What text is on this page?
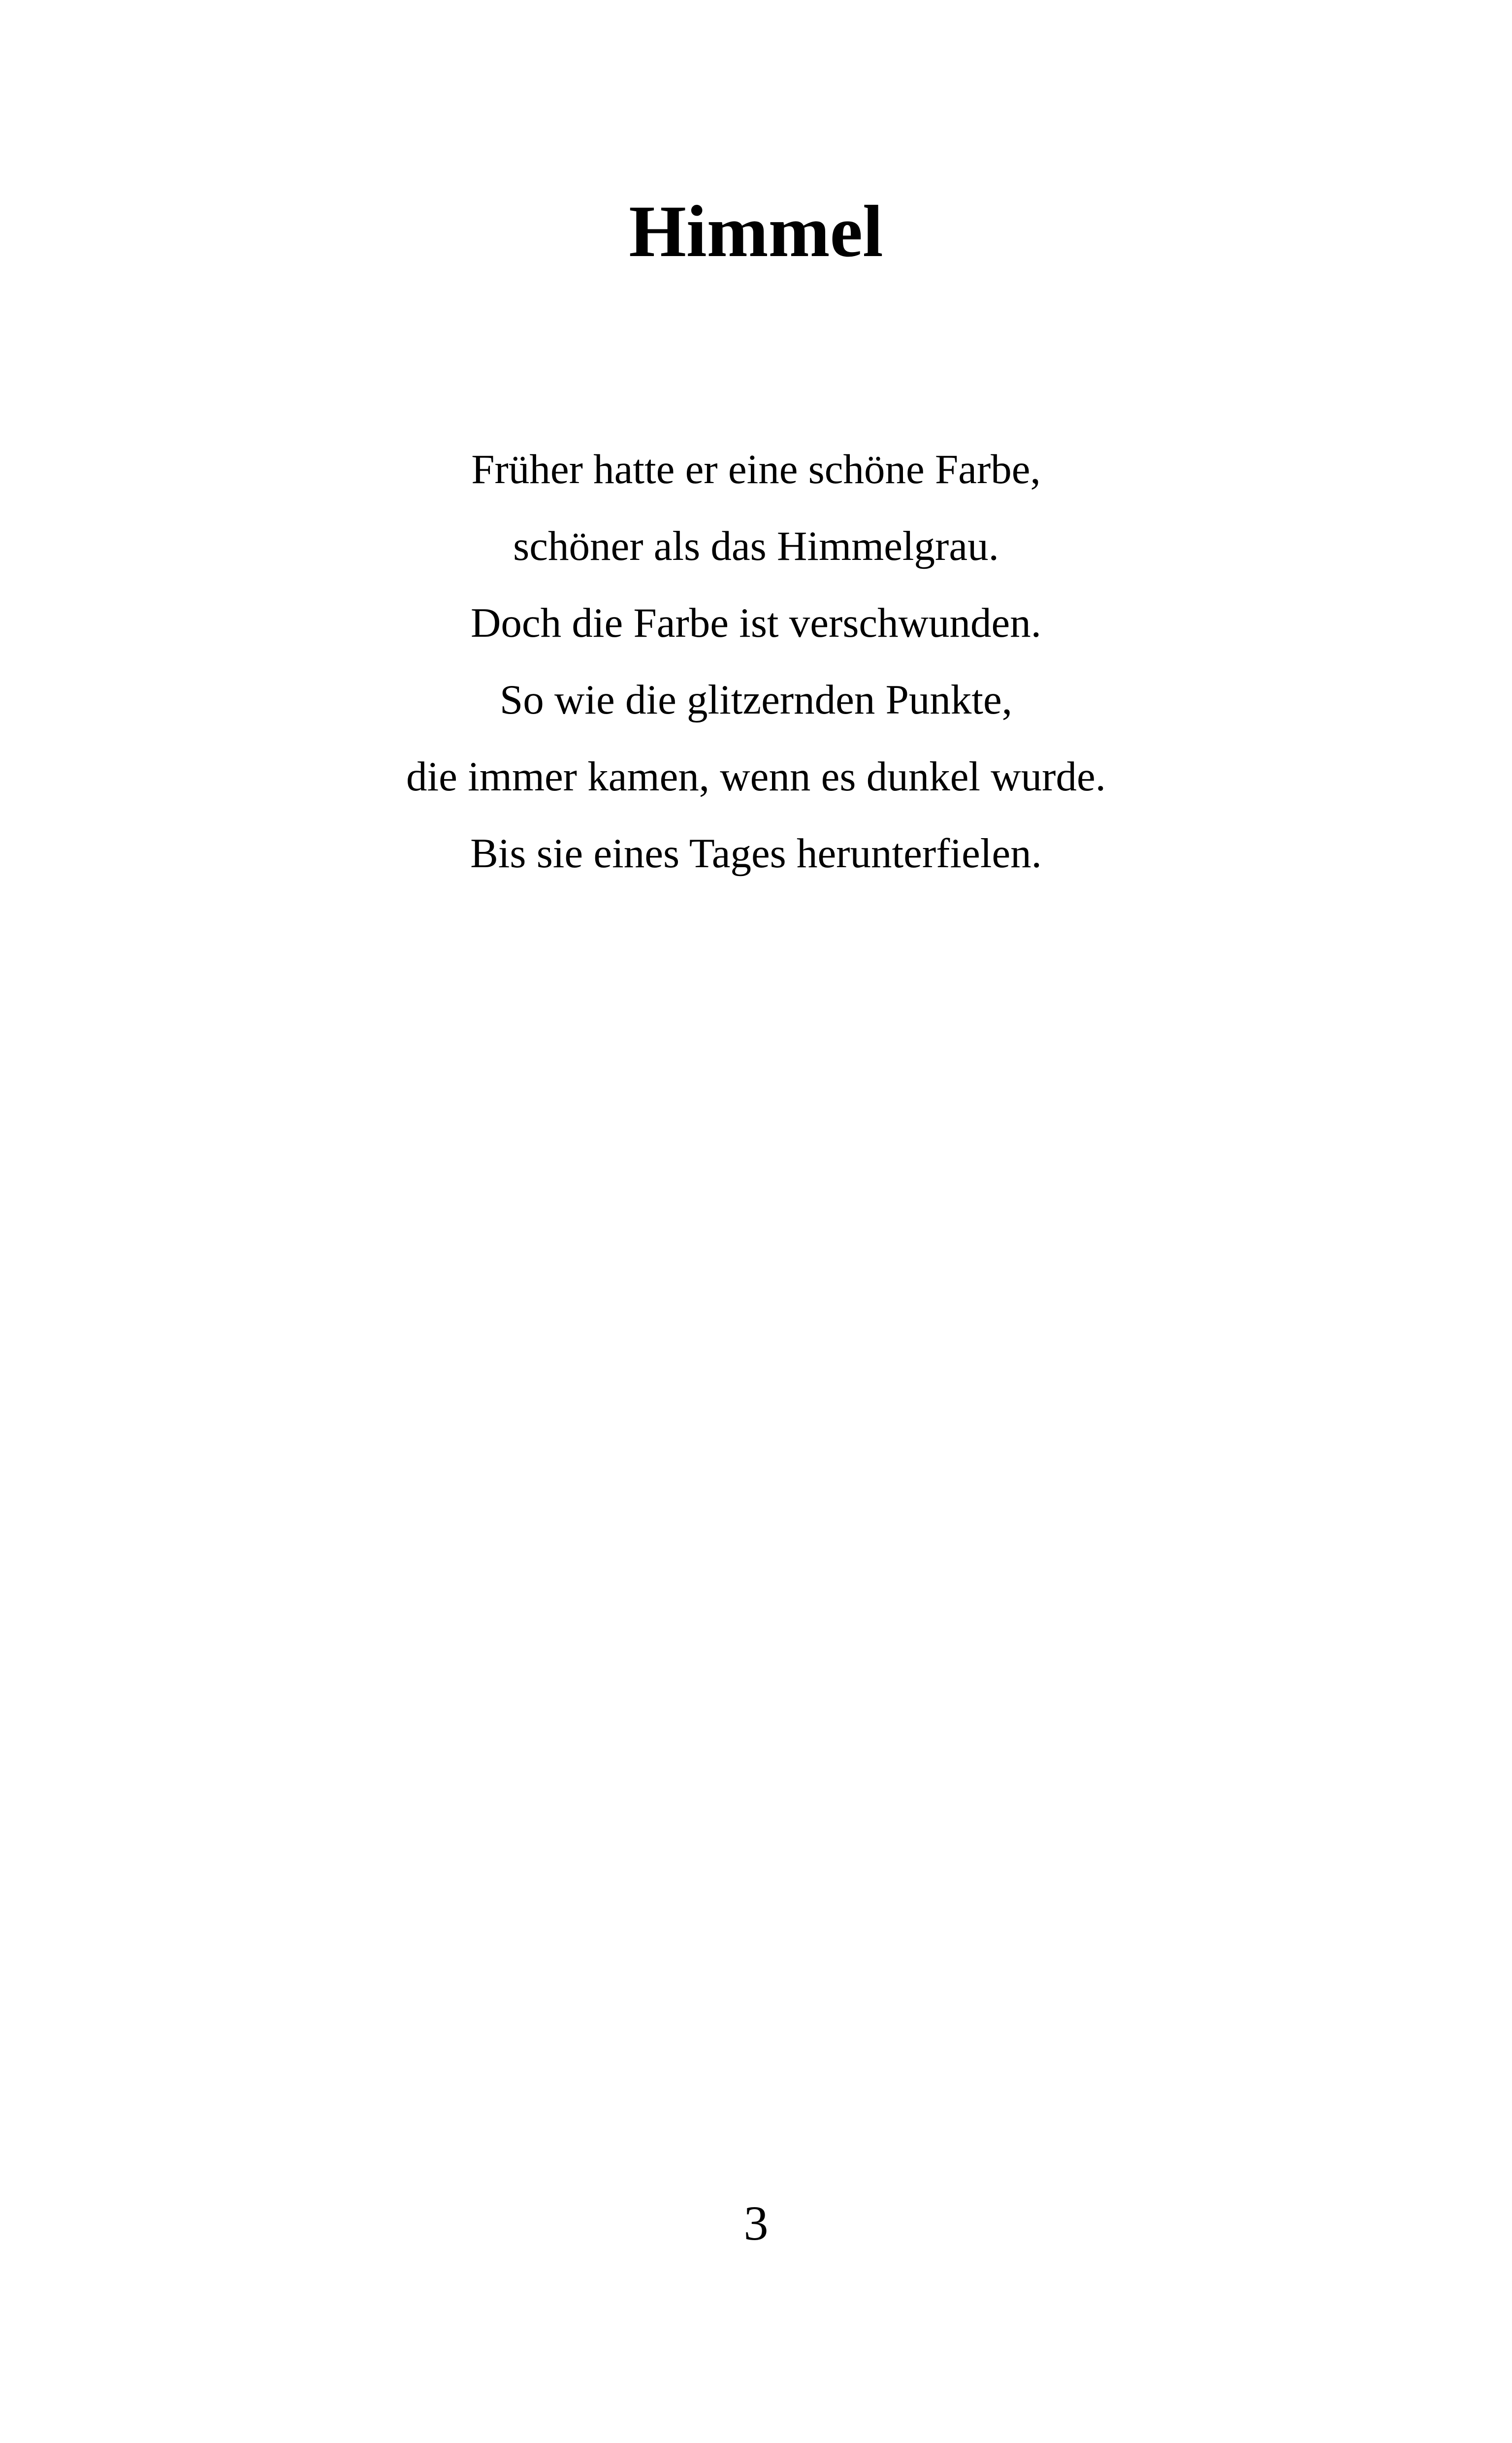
Himmel
Früher hatte er eine schöne Farbe,
schöner als das Himmelgrau.
Doch die Farbe ist verschwunden.
So wie die glitzernden Punkte,
die immer kamen, wenn es dunkel wurde.
Bis sie eines Tages herunterfielen.
3
